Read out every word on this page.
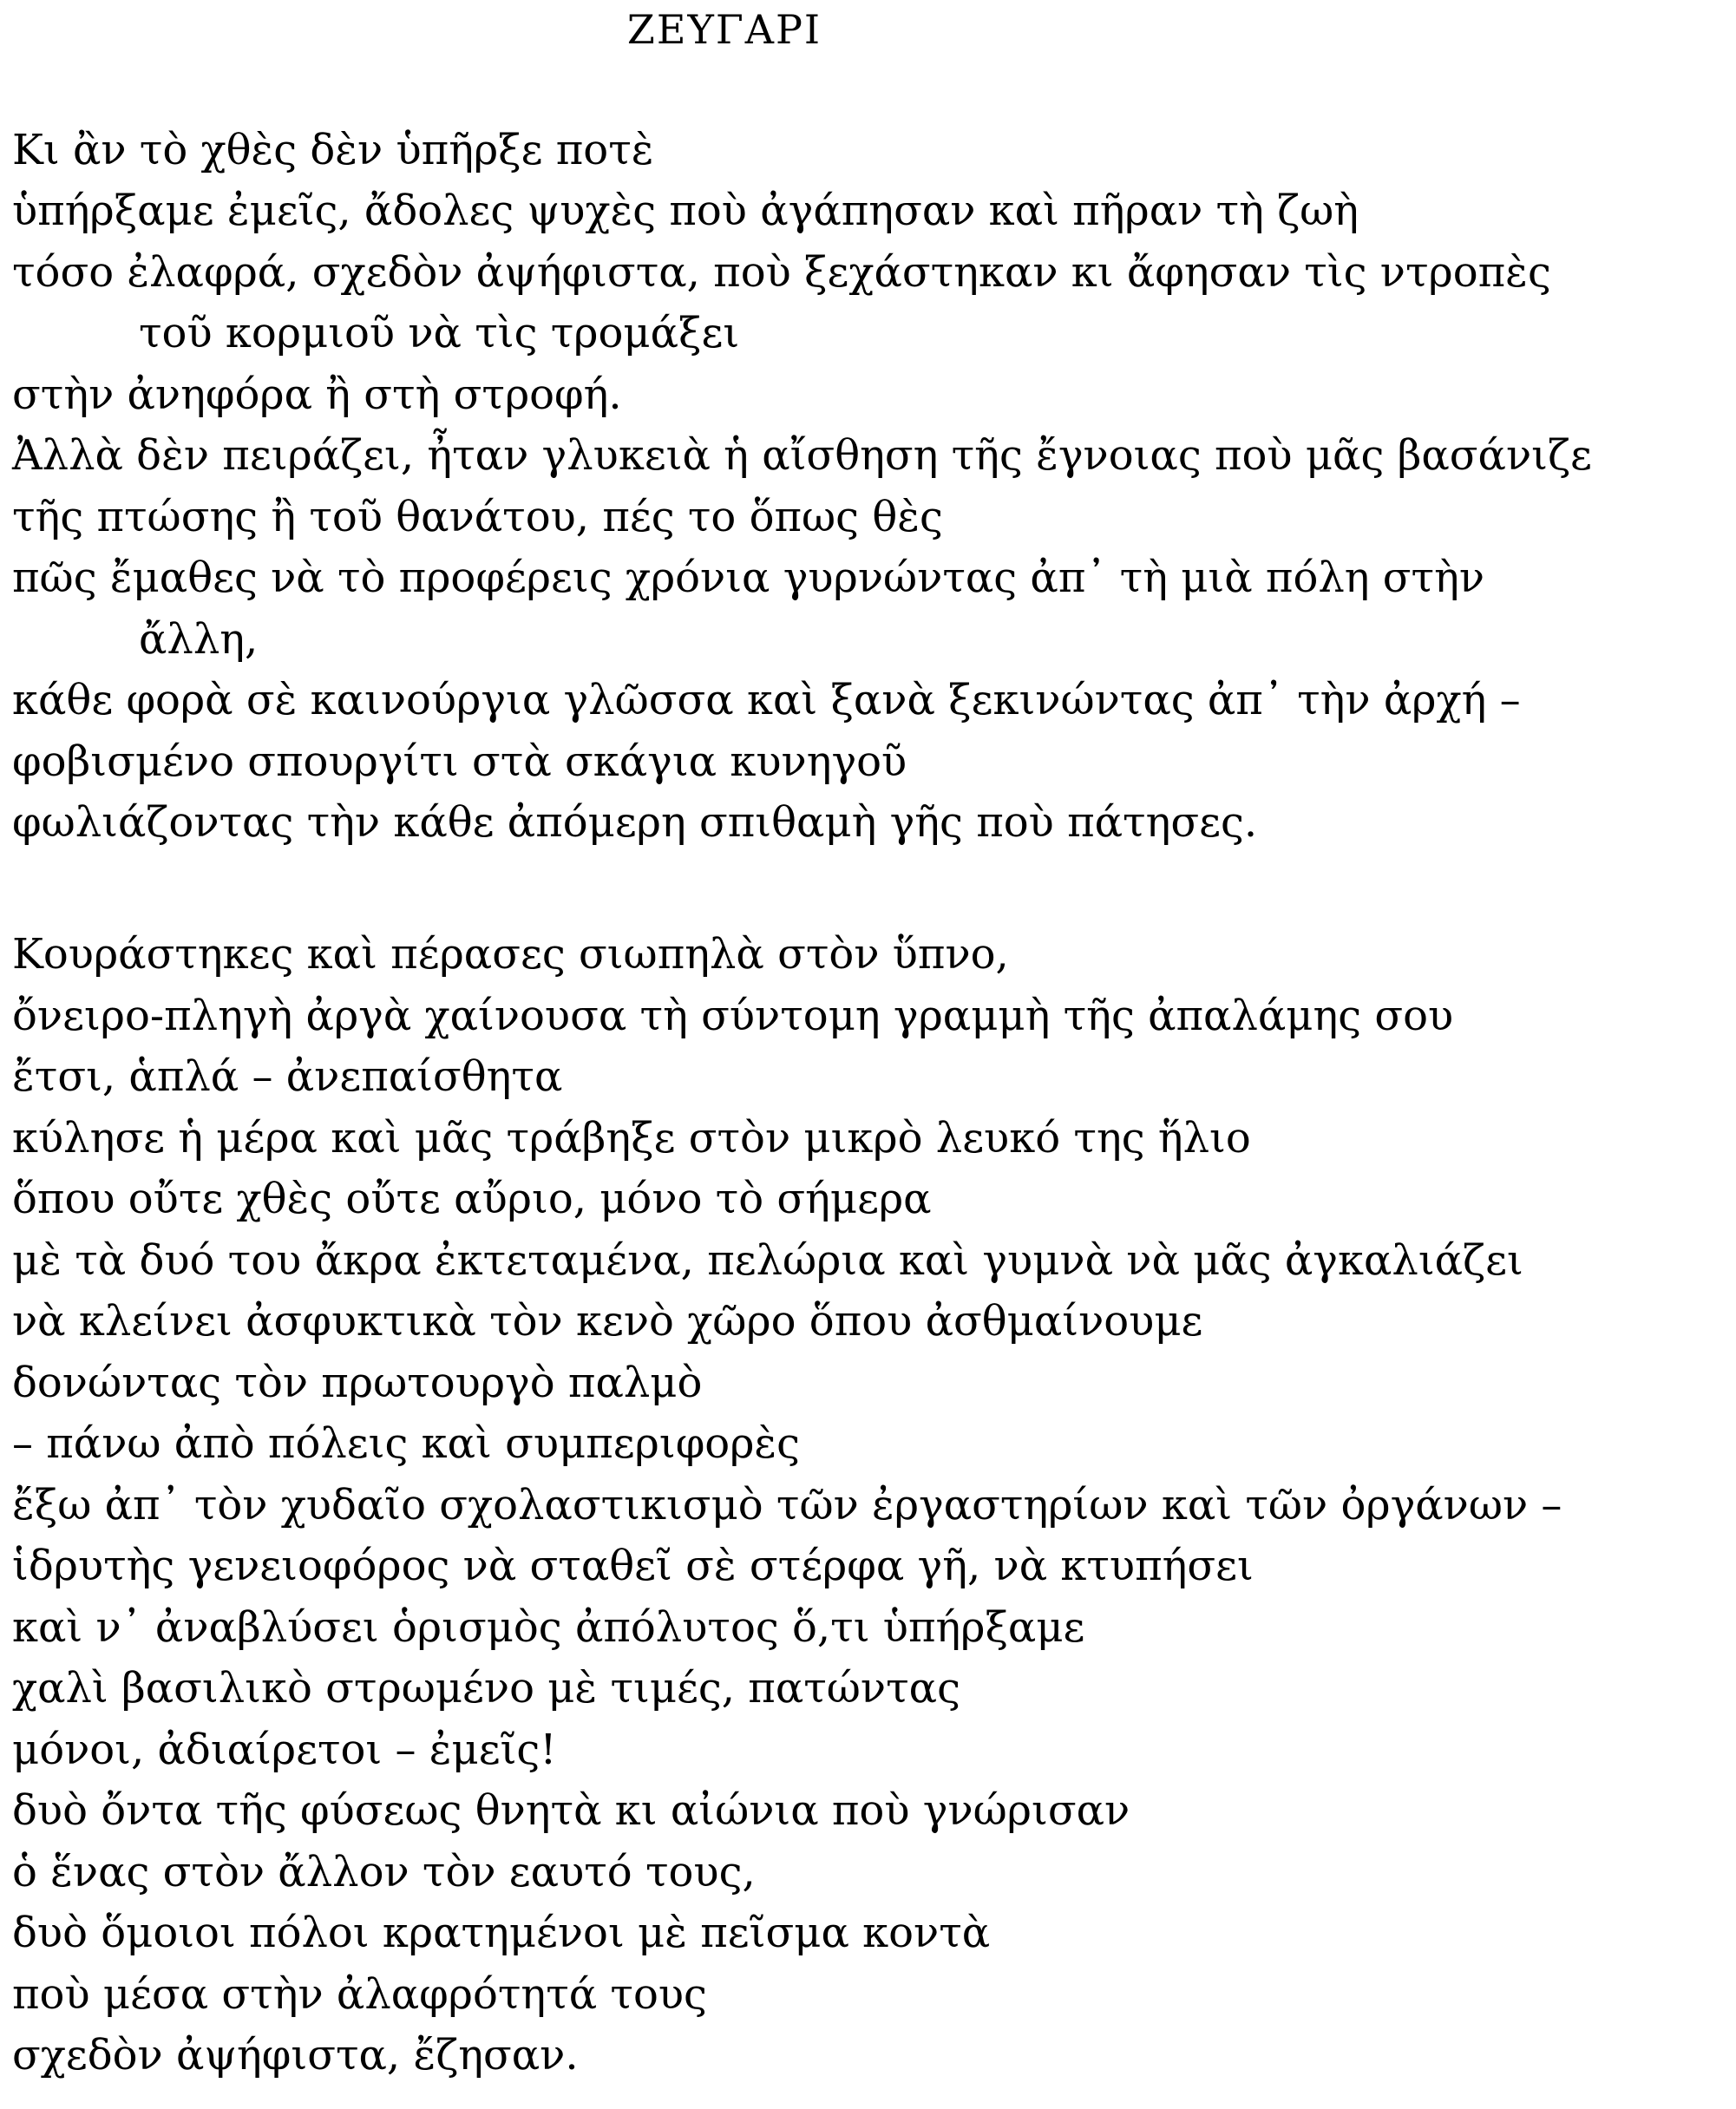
ΖΕΥΓΑΡΙ
Κι ἂν τὸ χθὲς δὲν ὑπῆρξε ποτὲ
ὑπήρξαμε ἐμεῖς, ἄδολες ψυχὲς ποὺ ἀγάπησαν καὶ πῆραν τὴ ζωὴ
τόσο ἐλαφρά, σχεδὸν ἀψήφιστα, ποὺ ξεχάστηκαν κι ἄφησαν τὶς ντροπὲς
τοῦ κορμιοῦ νὰ τὶς τρομάξει
στὴν ἀνηφόρα ἢ στὴ στροφή.
Ἀλλὰ δὲν πειράζει, ἦταν γλυκειὰ ἡ αἴσθηση τῆς ἔγνοιας ποὺ μᾶς βασάνιζε
τῆς πτώσης ἢ τοῦ θανάτου, πές το ὅπως θὲς
πῶς ἔμαθες νὰ τὸ προφέρεις χρόνια γυρνώντας ἀπ᾽ τὴ μιὰ πόλη στὴν
ἄλλη,
κάθε φορὰ σὲ καινούργια γλῶσσα καὶ ξανὰ ξεκινώντας ἀπ᾽ τὴν ἀρχή –
φοβισμένο σπουργίτι στὰ σκάγια κυνηγοῦ
φωλιάζοντας τὴν κάθε ἀπόμερη σπιθαμὴ γῆς ποὺ πάτησες.
Κουράστηκες καὶ πέρασες σιωπηλὰ στὸν ὕπνο,
ὄνειρο-πληγὴ ἀργὰ χαίνουσα τὴ σύντομη γραμμὴ τῆς ἀπαλάμης σου
ἔτσι, ἁπλά – ἀνεπαίσθητα
κύλησε ἡ μέρα καὶ μᾶς τράβηξε στὸν μικρὸ λευκό της ἥλιο
ὅπου οὔτε χθὲς οὔτε αὔριο, μόνο τὸ σήμερα
μὲ τὰ δυό του ἄκρα ἐκτεταμένα, πελώρια καὶ γυμνὰ νὰ μᾶς ἀγκαλιάζει
νὰ κλείνει ἀσφυκτικὰ τὸν κενὸ χῶρο ὅπου ἀσθμαίνουμε
δονώντας τὸν πρωτουργὸ παλμὸ
– πάνω ἀπὸ πόλεις καὶ συμπεριφορὲς
ἔξω ἀπ᾽ τὸν χυδαῖο σχολαστικισμὸ τῶν ἐργαστηρίων καὶ τῶν ὀργάνων –
ἱδρυτὴς γενειοφόρος νὰ σταθεῖ σὲ στέρφα γῆ, νὰ κτυπήσει
καὶ ν᾽ ἀναβλύσει ὁρισμὸς ἀπόλυτος ὅ,τι ὑπήρξαμε
χαλὶ βασιλικὸ στρωμένο μὲ τιμές, πατώντας
μόνοι, ἀδιαίρετοι – ἐμεῖς!
δυὸ ὄντα τῆς φύσεως θνητὰ κι αἰώνια ποὺ γνώρισαν
ὁ ἕνας στὸν ἄλλον τὸν εαυτό τους,
δυὸ ὅμοιοι πόλοι κρατημένοι μὲ πεῖσμα κοντὰ
ποὺ μέσα στὴν ἀλαφρότητά τους
σχεδὸν ἀψήφιστα, ἔζησαν.
